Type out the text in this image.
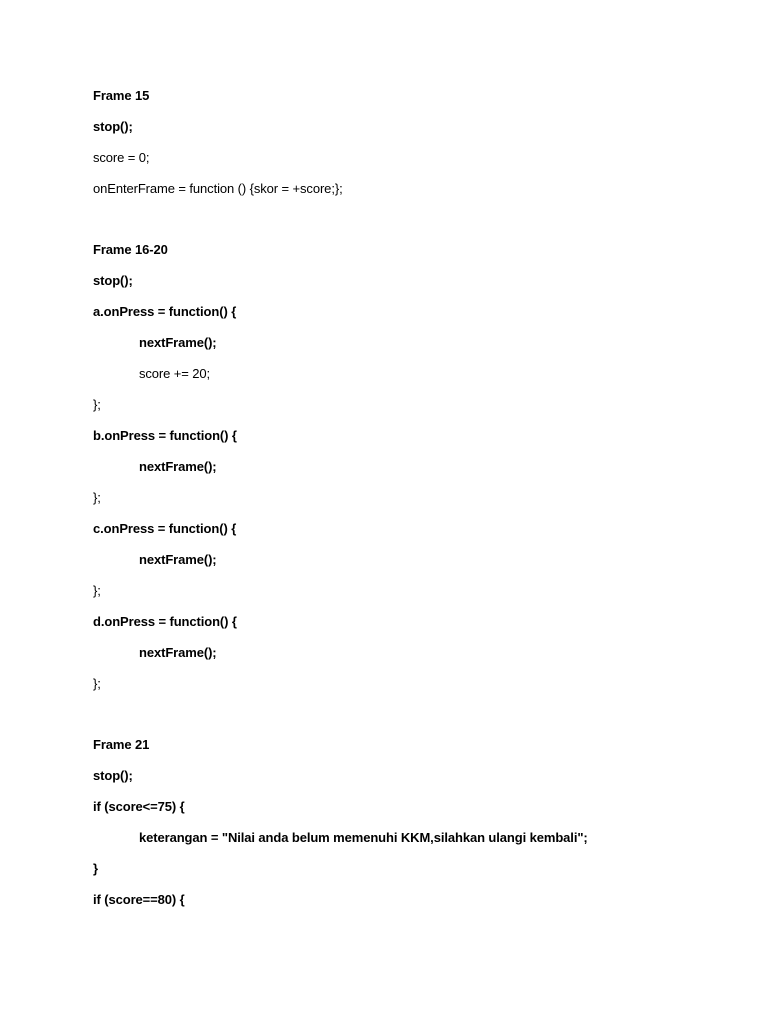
Frame 15
stop();
score = 0;
onEnterFrame = function () {skor = +score;};
Frame 16-20
stop();
a.onPress = function() {
nextFrame();
score += 20;
};
b.onPress = function() {
nextFrame();
};
c.onPress = function() {
nextFrame();
};
d.onPress = function() {
nextFrame();
};
Frame 21
stop();
if (score<=75) {
keterangan = "Nilai anda belum memenuhi KKM,silahkan ulangi kembali";
}
if (score==80) {
